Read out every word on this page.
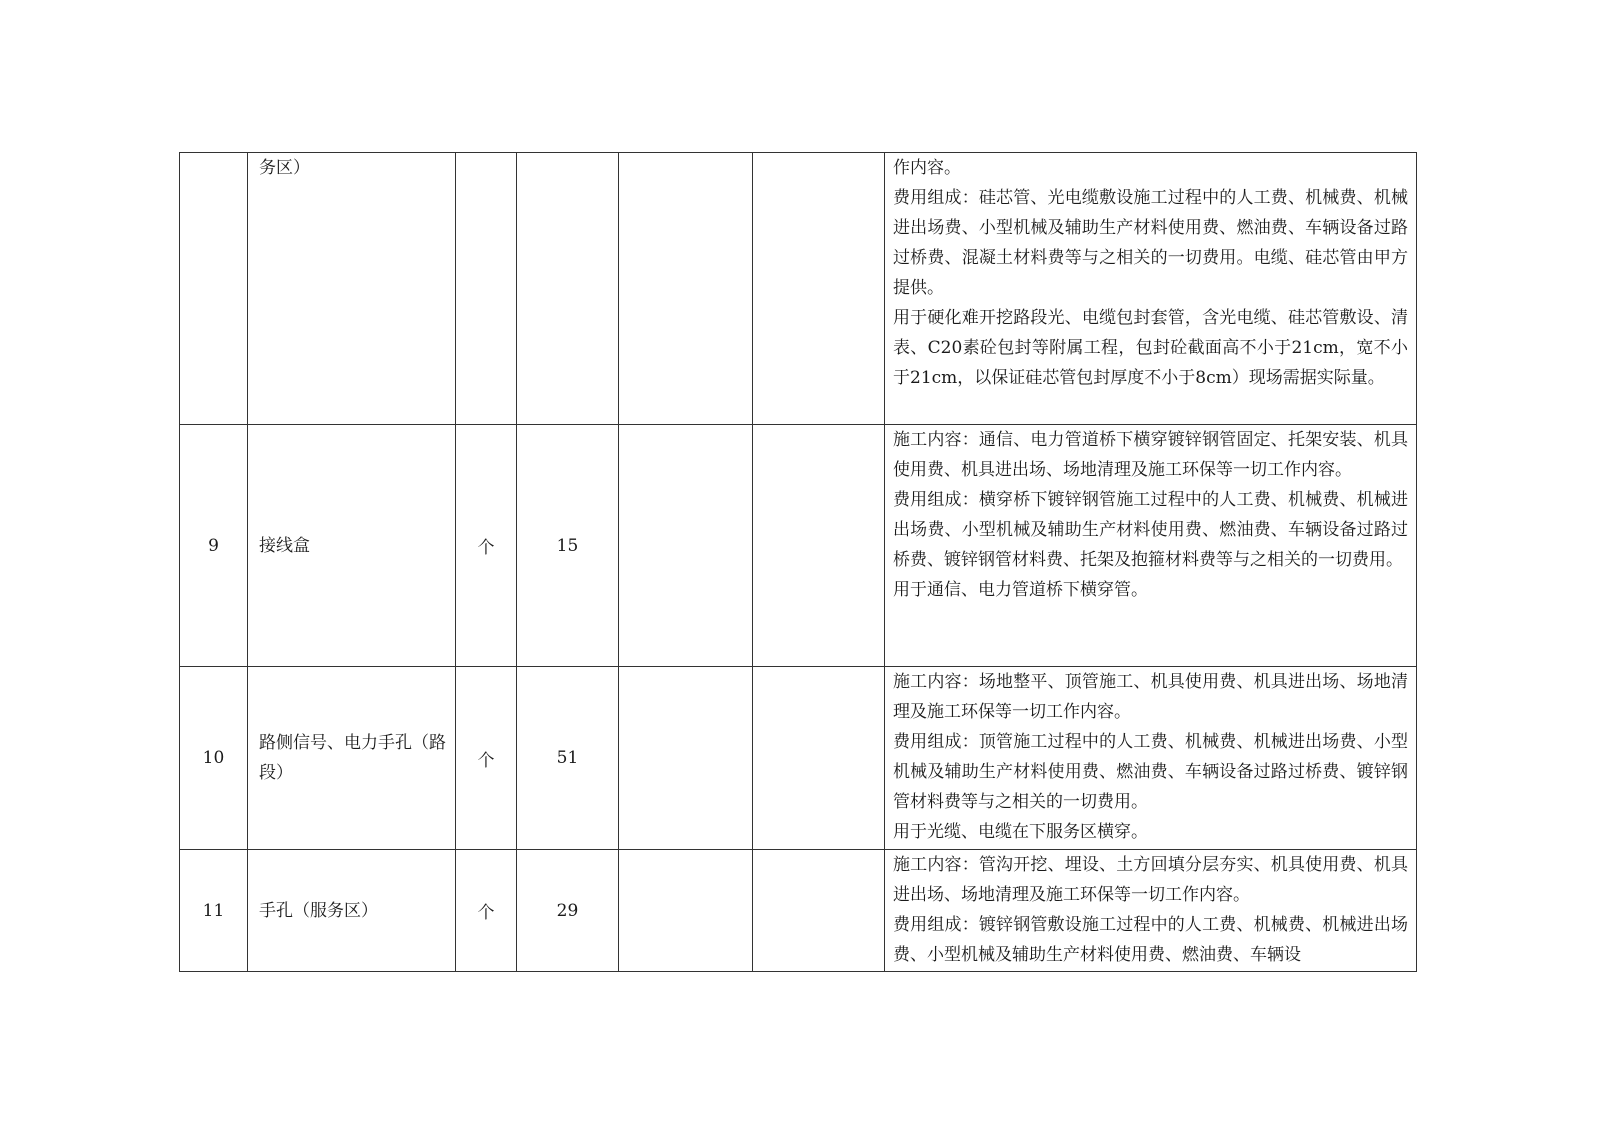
	务区）					作内容。
费用组成：硅芯管、光电缆敷设施工过程中的人工费、机械费、机械进出场费、小型机械及辅助生产材料使用费、燃油费、车辆设备过路过桥费、混凝土材料费等与之相关的一切费用。电缆、硅芯管由甲方提供。
用于硬化难开挖路段光、电缆包封套管，含光电缆、硅芯管敷设、清表、C20素砼包封等附属工程，包封砼截面高不小于21cm，宽不小于21cm，以保证硅芯管包封厚度不小于8cm）现场需据实际量。

9	接线盒	个	15			施工内容：通信、电力管道桥下横穿镀锌钢管固定、托架安装、机具使用费、机具进出场、场地清理及施工环保等一切工作内容。
费用组成：横穿桥下镀锌钢管施工过程中的人工费、机械费、机械进出场费、小型机械及辅助生产材料使用费、燃油费、车辆设备过路过桥费、镀锌钢管材料费、托架及抱箍材料费等与之相关的一切费用。
用于通信、电力管道桥下横穿管。

10	路侧信号、电力手孔（路段）	个	51			施工内容：场地整平、顶管施工、机具使用费、机具进出场、场地清理及施工环保等一切工作内容。
费用组成：顶管施工过程中的人工费、机械费、机械进出场费、小型机械及辅助生产材料使用费、燃油费、车辆设备过路过桥费、镀锌钢管材料费等与之相关的一切费用。
用于光缆、电缆在下服务区横穿。

11	手孔（服务区）	个	29			施工内容：管沟开挖、埋设、土方回填分层夯实、机具使用费、机具进出场、场地清理及施工环保等一切工作内容。
费用组成：镀锌钢管敷设施工过程中的人工费、机械费、机械进出场费、小型机械及辅助生产材料使用费、燃油费、车辆设
